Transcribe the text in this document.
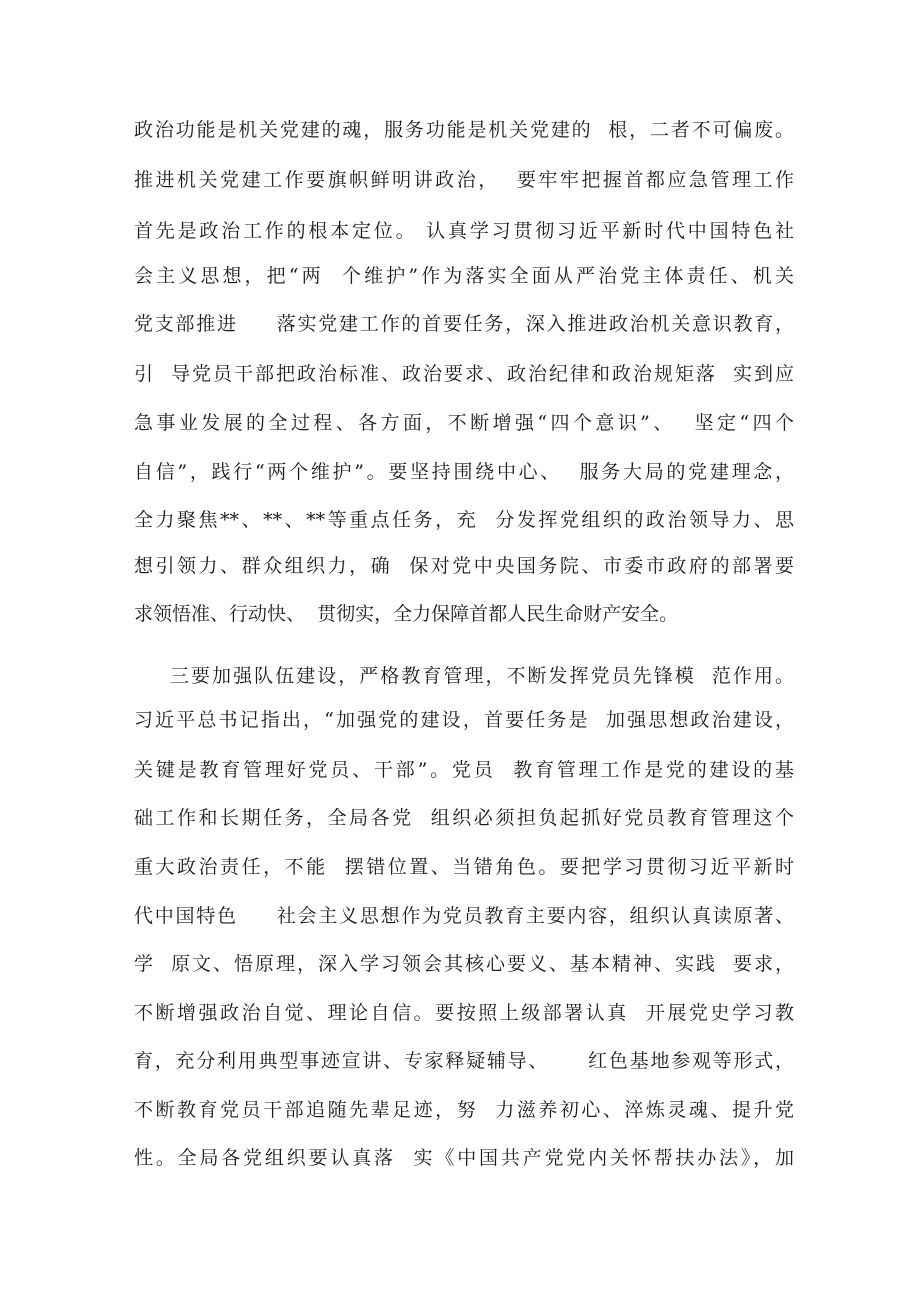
政治功能是机关党建的魂，服务功能是机关党建的  根，二者不可偏废。
推进机关党建工作要旗帜鲜明讲政治，  要牢牢把握首都应急管理工作
首先是政治工作的根本定位。 认真学习贯彻习近平新时代中国特色社
会主义思想，把“两  个维护”作为落实全面从严治党主体责任、机关
党支部推进     落实党建工作的首要任务，深入推进政治机关意识教育，
引  导党员干部把政治标准、政治要求、政治纪律和政治规矩落  实到应
急事业发展的全过程、各方面，不断增强“四个意识”、  坚定“四个
自信”，践行“两个维护”。要坚持围绕中心、  服务大局的党建理念，
全力聚焦**、**、**等重点任务，充  分发挥党组织的政治领导力、思
想引领力、群众组织力，确  保对党中央国务院、市委市政府的部署要
求领悟准、行动快、  贯彻实，全力保障首都人民生命财产安全。
三要加强队伍建设，严格教育管理，不断发挥党员先锋模  范作用。
习近平总书记指出，“加强党的建设，首要任务是  加强思想政治建设，
关键是教育管理好党员、干部”。党员  教育管理工作是党的建设的基
础工作和长期任务，全局各党  组织必须担负起抓好党员教育管理这个
重大政治责任，不能  摆错位置、当错角色。要把学习贯彻习近平新时
代中国特色     社会主义思想作为党员教育主要内容，组织认真读原著、
学  原文、悟原理，深入学习领会其核心要义、基本精神、实践  要求，
不断增强政治自觉、理论自信。要按照上级部署认真  开展党史学习教
育，充分利用典型事迹宣讲、专家释疑辅导、     红色基地参观等形式，
不断教育党员干部追随先辈足迹，努  力滋养初心、淬炼灵魂、提升党
性。全局各党组织要认真落  实《中国共产党党内关怀帮扶办法》，加
